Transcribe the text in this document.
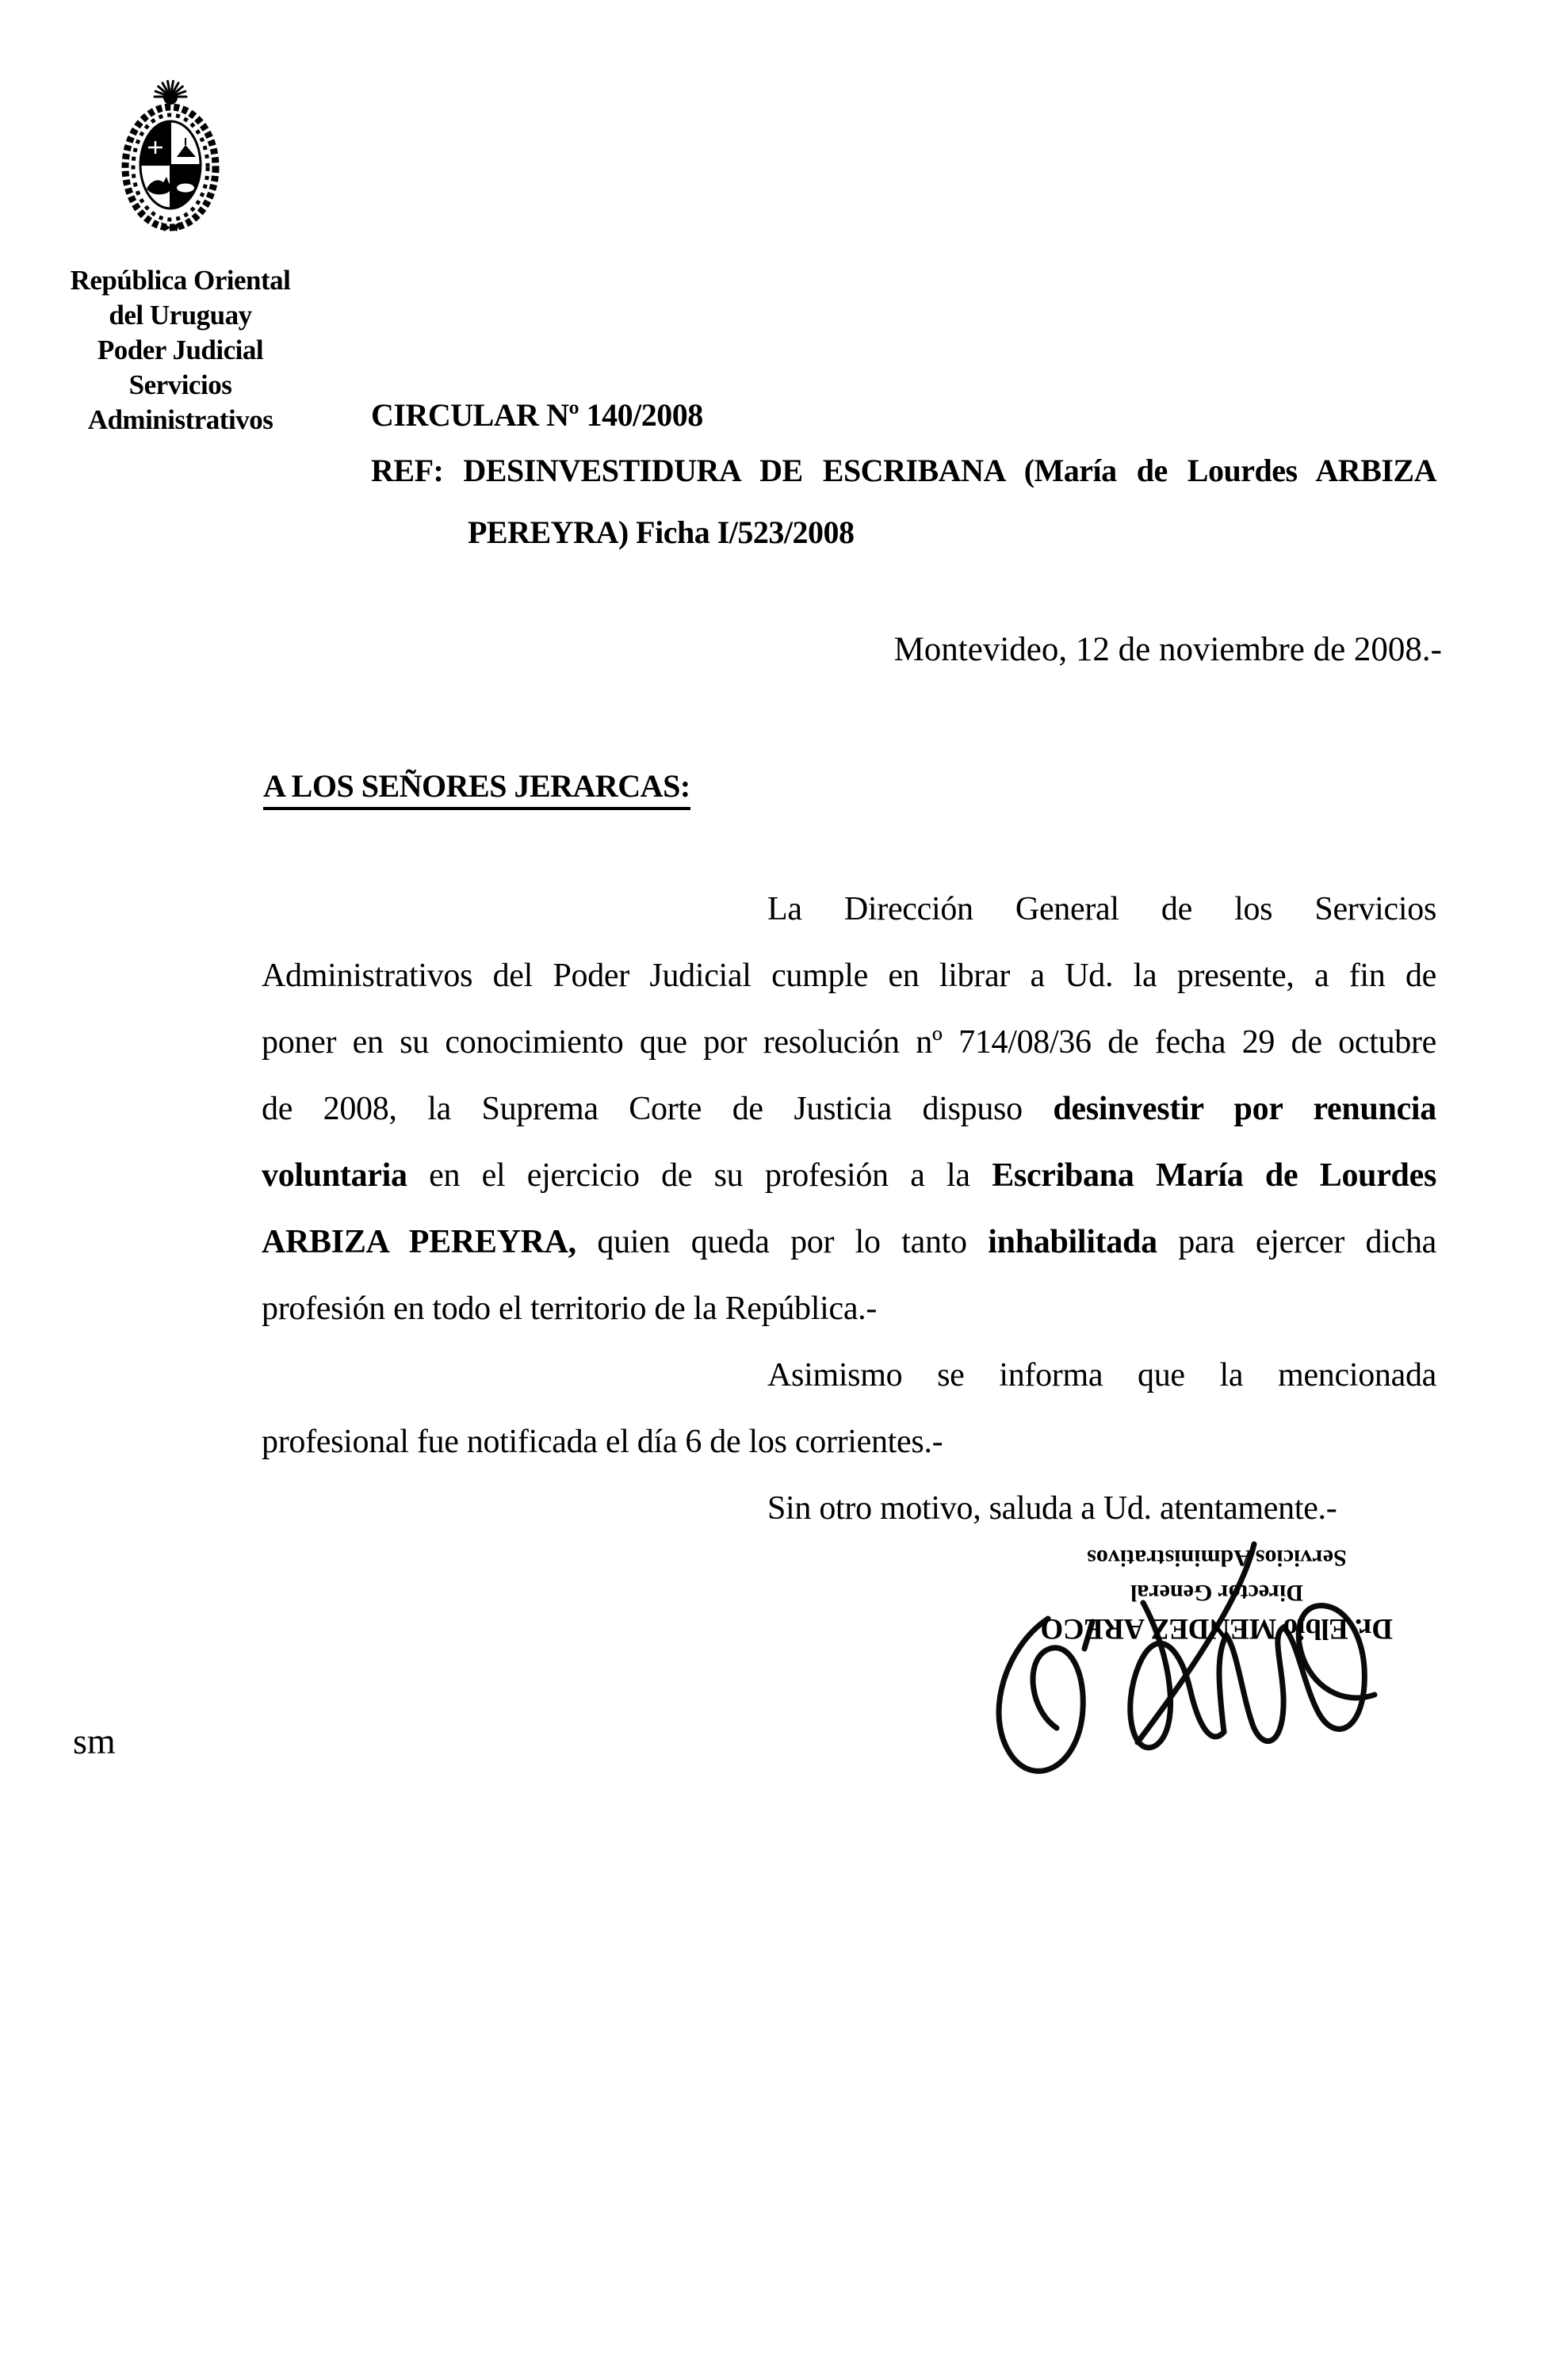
República Oriental
del Uruguay
Poder Judicial
Servicios
Administrativos	CIRCULAR Nº 140/2008
REF: DESINVESTIDURA DE ESCRIBANA (María de Lourdes ARBIZA
PEREYRA) Ficha I/523/2008
Montevideo, 12 de noviembre de 2008.-
A LOS SEÑORES JERARCAS:
La Dirección General de los Servicios
Administrativos del Poder Judicial cumple en librar a Ud. la presente, a fin de
poner en su conocimiento que por resolución nº 714/08/36 de fecha 29 de octubre
de 2008, la Suprema Corte de Justicia dispuso desinvestir por renuncia
voluntaria en el ejercicio de su profesión a la Escribana María de Lourdes
ARBIZA PEREYRA, quien queda por lo tanto inhabilitada para ejercer dicha
profesión en todo el territorio de la República.-
Asimismo se informa que la mencionada
profesional fue notificada el día 6 de los corrientes.-
Sin otro motivo, saluda a Ud. atentamente.-
Dr. Elbio MENDEZ ARECO
Director General
Servicios Administrativos
sm
